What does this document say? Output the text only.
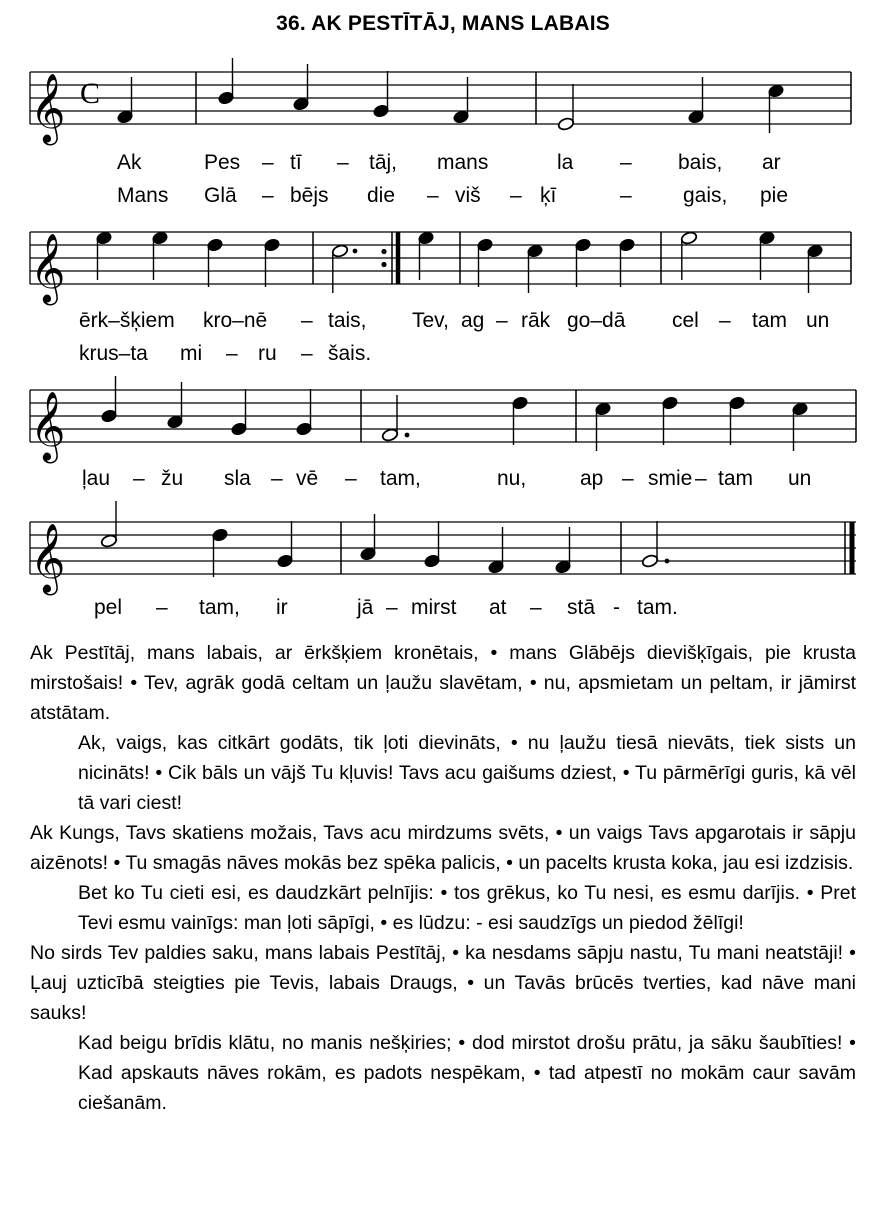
36. AK PESTĪTĀJ, MANS LABAIS
𝄞 C
Ak	Pes – tī – tāj, mans	la – bais, ar
Mans Glā – bējs die – viš – ķī	– gais, pie
𝄞
ērk–šķiem kro–nē – tais, Tev, ag – rāk go–dā cel – tam un
krus–ta mi – ru – šais.
𝄞
ļau – žu sla – vē – tam,	nu,	ap – smie – tam un
𝄞
pel – tam, ir	jā – mirst at – stā - tam.

Ak Pestītāj, mans labais, ar ērkšķiem kronētais, • mans Glābējs dievišķīgais, pie krusta mirstošais! • Tev, agrāk godā celtam un ļaužu slavētam, • nu, apsmietam un peltam, ir jāmirst atstātam.

Ak, vaigs, kas citkārt godāts, tik ļoti dievināts, • nu ļaužu tiesā nievāts, tiek sists un nicināts! • Cik bāls un vājš Tu kļuvis! Tavs acu gaišums dziest, • Tu pārmērīgi guris, kā vēl tā vari ciest!

Ak Kungs, Tavs skatiens možais, Tavs acu mirdzums svēts, • un vaigs Tavs apgarotais ir sāpju aizēnots! • Tu smagās nāves mokās bez spēka palicis, • un pacelts krusta koka, jau esi izdzisis.

Bet ko Tu cieti esi, es daudzkārt pelnījis: • tos grēkus, ko Tu nesi, es esmu darījis. • Pret Tevi esmu vainīgs: man ļoti sāpīgi, • es lūdzu: - esi saudzīgs un piedod žēlīgi!

No sirds Tev paldies saku, mans labais Pestītāj, • ka nesdams sāpju nastu, Tu mani neatstāji! • Ļauj uzticībā steigties pie Tevis, labais Draugs, • un Tavās brūcēs tverties, kad nāve mani sauks!

Kad beigu brīdis klātu, no manis nešķiries; • dod mirstot drošu prātu, ja sāku šaubīties! • Kad apskauts nāves rokām, es padots nespēkam, • tad atpestī no mokām caur savām ciešanām.
